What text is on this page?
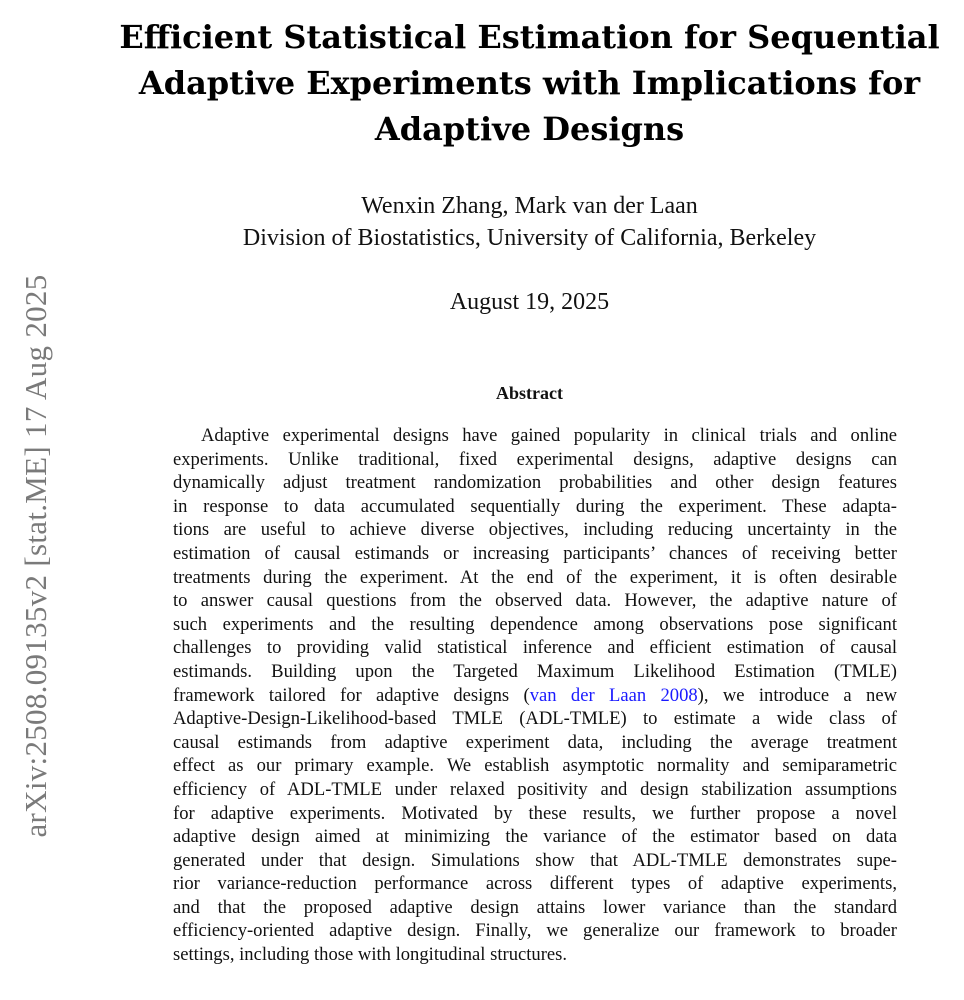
arXiv:2508.09135v2 [stat.ME] 17 Aug 2025
Efficient Statistical Estimation for Sequential
Adaptive Experiments with Implications for
Adaptive Designs
Wenxin Zhang, Mark van der Laan
Division of Biostatistics, University of California, Berkeley
August 19, 2025
Abstract
Adaptive experimental designs have gained popularity in clinical trials and online
experiments. Unlike traditional, fixed experimental designs, adaptive designs can
dynamically adjust treatment randomization probabilities and other design features
in response to data accumulated sequentially during the experiment. These adapta-
tions are useful to achieve diverse objectives, including reducing uncertainty in the
estimation of causal estimands or increasing participants’ chances of receiving better
treatments during the experiment. At the end of the experiment, it is often desirable
to answer causal questions from the observed data. However, the adaptive nature of
such experiments and the resulting dependence among observations pose significant
challenges to providing valid statistical inference and efficient estimation of causal
estimands. Building upon the Targeted Maximum Likelihood Estimation (TMLE)
framework tailored for adaptive designs (van der Laan 2008), we introduce a new
Adaptive-Design-Likelihood-based TMLE (ADL-TMLE) to estimate a wide class of
causal estimands from adaptive experiment data, including the average treatment
effect as our primary example. We establish asymptotic normality and semiparametric
efficiency of ADL-TMLE under relaxed positivity and design stabilization assumptions
for adaptive experiments. Motivated by these results, we further propose a novel
adaptive design aimed at minimizing the variance of the estimator based on data
generated under that design. Simulations show that ADL-TMLE demonstrates supe-
rior variance-reduction performance across different types of adaptive experiments,
and that the proposed adaptive design attains lower variance than the standard
efficiency-oriented adaptive design. Finally, we generalize our framework to broader
settings, including those with longitudinal structures.
